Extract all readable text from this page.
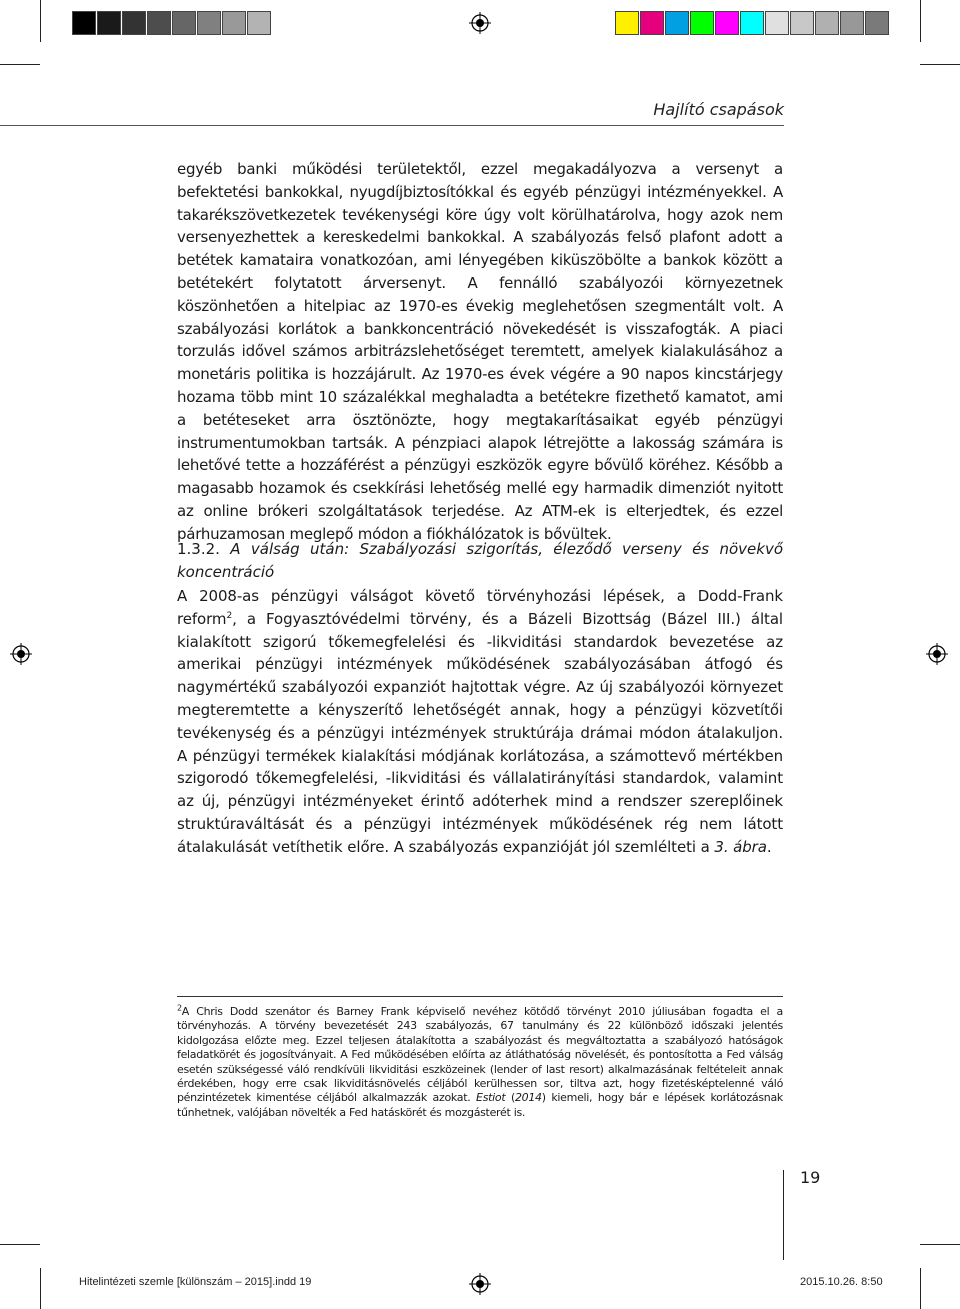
Hajlító csapások

egyéb banki működési területektől, ezzel megakadályozva a versenyt a befektetési bankokkal, nyugdíjbiztosítókkal és egyéb pénzügyi intézményekkel. A takarékszövetkezetek tevékenységi köre úgy volt körülhatárolva, hogy azok nem versenyezhettek a kereskedelmi bankokkal. A szabályozás felső plafont adott a betétek kamataira vonatkozóan, ami lényegében kiküszöbölte a bankok között a betétekért folytatott árversenyt. A fennálló szabályozói környezetnek köszönhetően a hitelpiac az 1970-es évekig meglehetősen szegmentált volt. A szabályozási korlátok a bankkoncentráció növekedését is visszafogták. A piaci torzulás idővel számos arbitrázslehetőséget teremtett, amelyek kialakulásához a monetáris politika is hozzájárult. Az 1970-es évek végére a 90 napos kincstárjegy hozama több mint 10 százalékkal meghaladta a betétekre fizethető kamatot, ami a betéteseket arra ösztönözte, hogy megtakarításaikat egyéb pénzügyi instrumentumokban tartsák. A pénzpiaci alapok létrejötte a lakosság számára is lehetővé tette a hozzáférést a pénzügyi eszközök egyre bővülő köréhez. Később a magasabb hozamok és csekkírási lehetőség mellé egy harmadik dimenziót nyitott az online brókeri szolgáltatások terjedése. Az ATM-ek is elterjedtek, és ezzel párhuzamosan meglepő módon a fiókhálózatok is bővültek.

1.3.2. A válság után: Szabályozási szigorítás, éleződő verseny és növekvő koncentráció

A 2008-as pénzügyi válságot követő törvényhozási lépések, a Dodd-Frank reform$^2$, a Fogyasztóvédelmi törvény, és a Bázeli Bizottság (Bázel III.) által kialakított szigorú tőkemegfelelési és -likviditási standardok bevezetése az amerikai pénzügyi intézmények működésének szabályozásában átfogó és nagymértékű szabályozói expanziót hajtottak végre. Az új szabályozói környezet megteremtette a kényszerítő lehetőségét annak, hogy a pénzügyi közvetítői tevékenység és a pénzügyi intézmények struktúrája drámai módon átalakuljon. A pénzügyi termékek kialakítási módjának korlátozása, a számottevő mértékben szigorodó tőkemegfelelési, -likviditási és vállalatirányítási standardok, valamint az új, pénzügyi intézményeket érintő adóterhek mind a rendszer szereplőinek struktúraváltását és a pénzügyi intézmények működésének rég nem látott átalakulását vetíthetik előre. A szabályozás expanzióját jól szemlélteti a 3. ábra.

$^2$A Chris Dodd szenátor és Barney Frank képviselő nevéhez kötődő törvényt 2010 júliusában fogadta el a törvényhozás. A törvény bevezetését 243 szabályozás, 67 tanulmány és 22 különböző időszaki jelentés kidolgozása előzte meg. Ezzel teljesen átalakította a szabályozást és megváltoztatta a szabályozó hatóságok feladatkörét és jogosítványait. A Fed működésében előírta az átláthatóság növelését, és pontosította a Fed válság esetén szükségessé váló rendkívüli likviditási eszközeinek (lender of last resort) alkalmazásának feltételeit annak érdekében, hogy erre csak likviditásnövelés céljából kerülhessen sor, tiltva azt, hogy fizetésképtelenné váló pénzintézetek kimentése céljából alkalmazzák azokat. Estiot (2014) kiemeli, hogy bár e lépések korlátozásnak tűnhetnek, valójában növelték a Fed hatáskörét és mozgásterét is.
19
Hitelintézeti szemle [különszám – 2015].indd 19	2015.10.26. 8:50
